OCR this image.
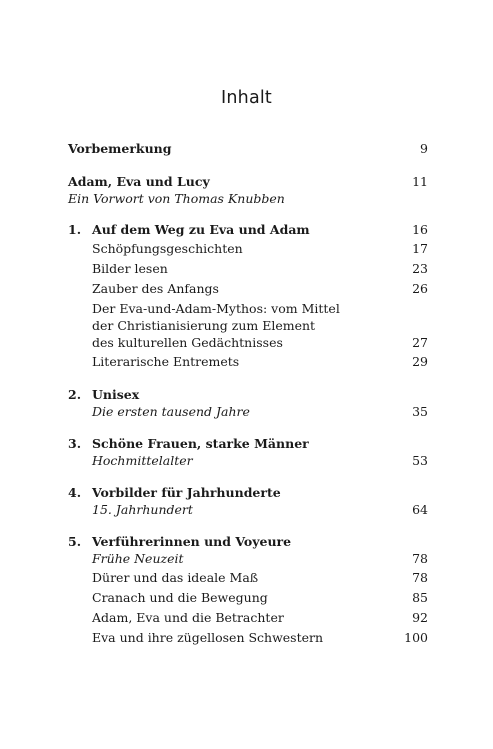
Inhalt
Vorbemerkung	9
Adam, Eva und Lucy	11
Ein Vorwort von Thomas Knubben
1. Auf dem Weg zu Eva und Adam	16
Schöpfungsgeschichten	17
Bilder lesen	23
Zauber des Anfangs	26
Der Eva-und-Adam-Mythos: vom Mittel
der Christianisierung zum Element
des kulturellen Gedächtnisses	27
Literarische Entremets	29
2. Unisex
Die ersten tausend Jahre	35
3. Schöne Frauen, starke Männer
Hochmittelalter	53
4. Vorbilder für Jahrhunderte
15. Jahrhundert	64
5. Verführerinnen und Voyeure
Frühe Neuzeit	78
Dürer und das ideale Maß	78
Cranach und die Bewegung	85
Adam, Eva und die Betrachter	92
Eva und ihre zügellosen Schwestern	100
